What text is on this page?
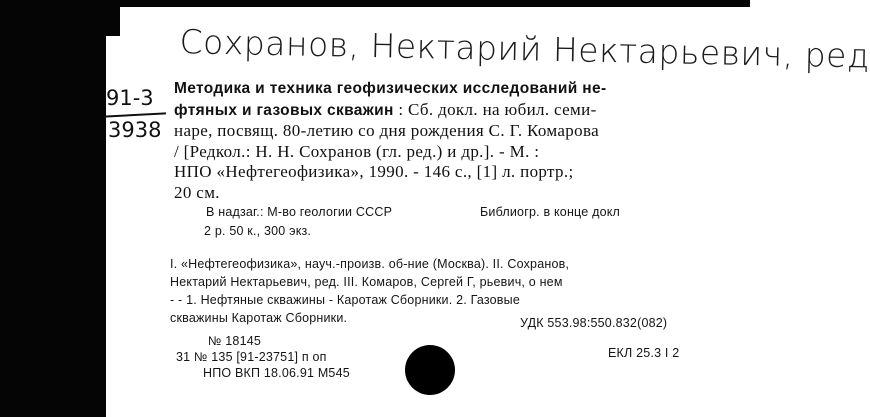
Сохранов, Нектарий Нектарьевич, ред
91-3
3938
Методика и техника геофизических исследований не-
фтяных и газовых скважин : Сб. докл. на юбил. семи-
наре, посвящ. 80-летию со дня рождения С. Г. Комарова
/ [Редкол.: Н. Н. Сохранов (гл. ред.) и др.]. - М. :
НПО «Нефтегеофизика», 1990. - 146 с., [1] л. портр.;
20 см.
В надзаг.: М-во геологии СССР	Библиогр. в конце докл
2 р. 50 к., 300 экз.
I. «Нефтегеофизика», науч.-произв. об-ние (Москва). II. Сохранов,
Нектарий Нектарьевич, ред. III. Комаров, Сергей Г, рьевич, о нем
- - 1. Нефтяные скважины - Каротаж Сборники. 2. Газовые
скважины Каротаж Сборники.	УДК 553.98:550.832(082)
ЕКЛ 25.3 I 2
№ 18145
31 № 135 [91-23751] п оп
НПО ВКП 18.06.91 М545
